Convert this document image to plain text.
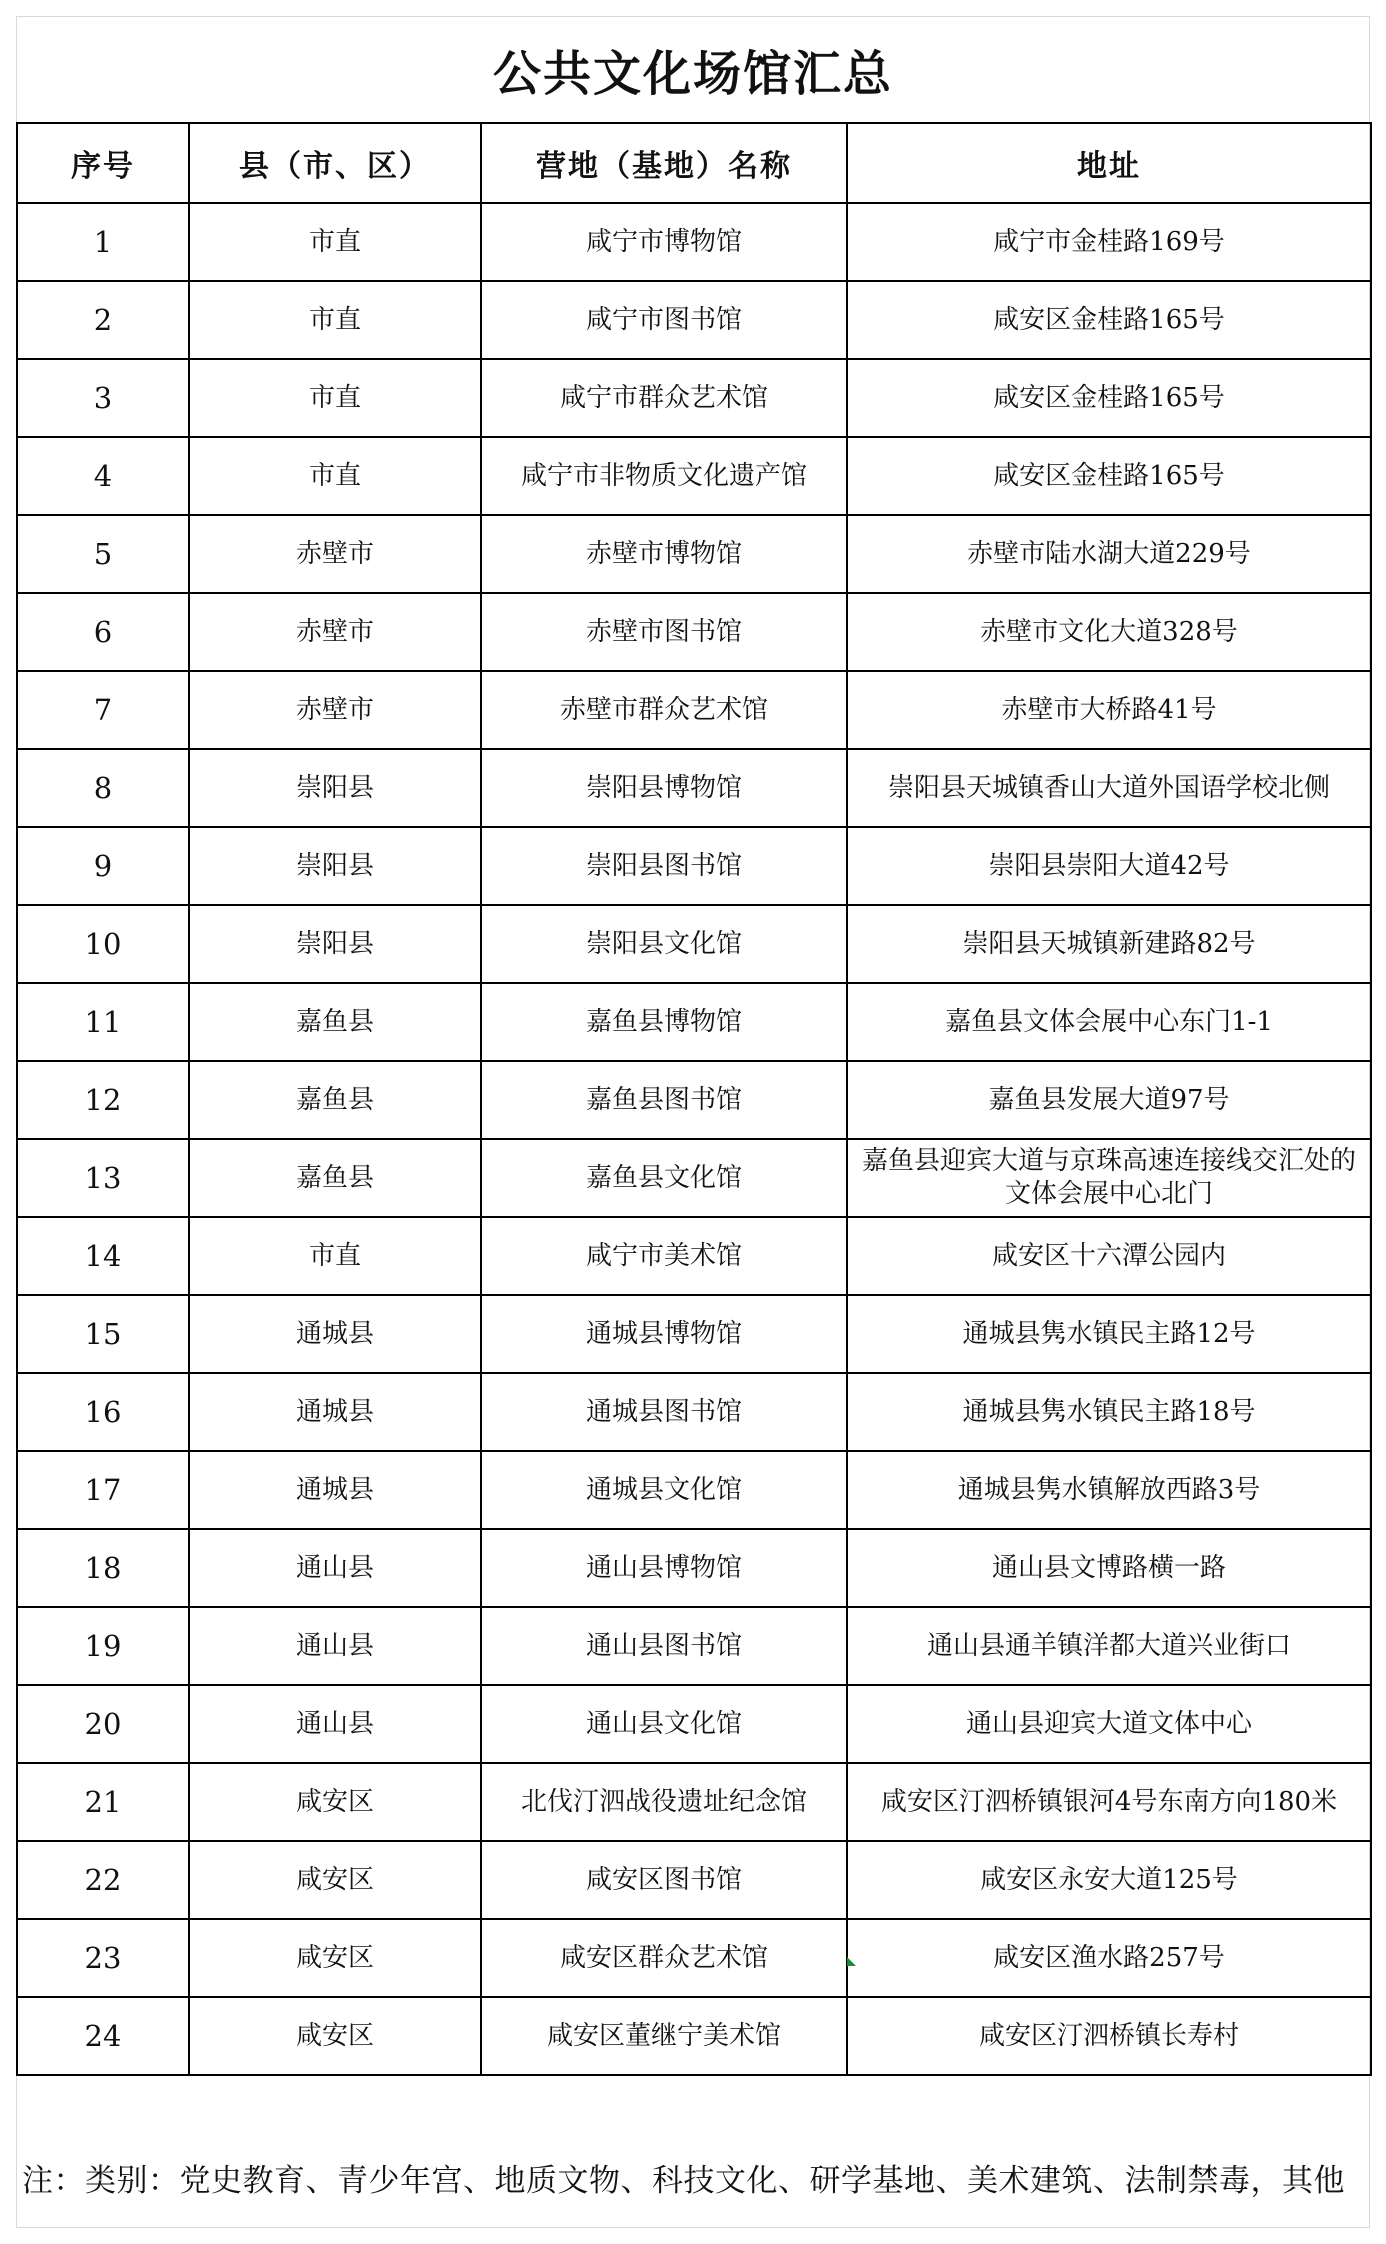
公共文化场馆汇总
序号	县（市、区）	营地（基地）名称	地址
1	市直	咸宁市博物馆	咸宁市金桂路169号
2	市直	咸宁市图书馆	咸安区金桂路165号
3	市直	咸宁市群众艺术馆	咸安区金桂路165号
4	市直	咸宁市非物质文化遗产馆	咸安区金桂路165号
5	赤壁市	赤壁市博物馆	赤壁市陆水湖大道229号
6	赤壁市	赤壁市图书馆	赤壁市文化大道328号
7	赤壁市	赤壁市群众艺术馆	赤壁市大桥路41号
8	崇阳县	崇阳县博物馆	崇阳县天城镇香山大道外国语学校北侧
9	崇阳县	崇阳县图书馆	崇阳县崇阳大道42号
10	崇阳县	崇阳县文化馆	崇阳县天城镇新建路82号
11	嘉鱼县	嘉鱼县博物馆	嘉鱼县文体会展中心东门1-1
12	嘉鱼县	嘉鱼县图书馆	嘉鱼县发展大道97号
13	嘉鱼县	嘉鱼县文化馆	嘉鱼县迎宾大道与京珠高速连接线交汇处的文体会展中心北门
14	市直	咸宁市美术馆	咸安区十六潭公园内
15	通城县	通城县博物馆	通城县隽水镇民主路12号
16	通城县	通城县图书馆	通城县隽水镇民主路18号
17	通城县	通城县文化馆	通城县隽水镇解放西路3号
18	通山县	通山县博物馆	通山县文博路横一路
19	通山县	通山县图书馆	通山县通羊镇洋都大道兴业街口
20	通山县	通山县文化馆	通山县迎宾大道文体中心
21	咸安区	北伐汀泗战役遗址纪念馆	咸安区汀泗桥镇银河4号东南方向180米
22	咸安区	咸安区图书馆	咸安区永安大道125号
23	咸安区	咸安区群众艺术馆	咸安区渔水路257号
24	咸安区	咸安区董继宁美术馆	咸安区汀泗桥镇长寿村
注：类别：党史教育、青少年宫、地质文物、科技文化、研学基地、美术建筑、法制禁毒，其他
